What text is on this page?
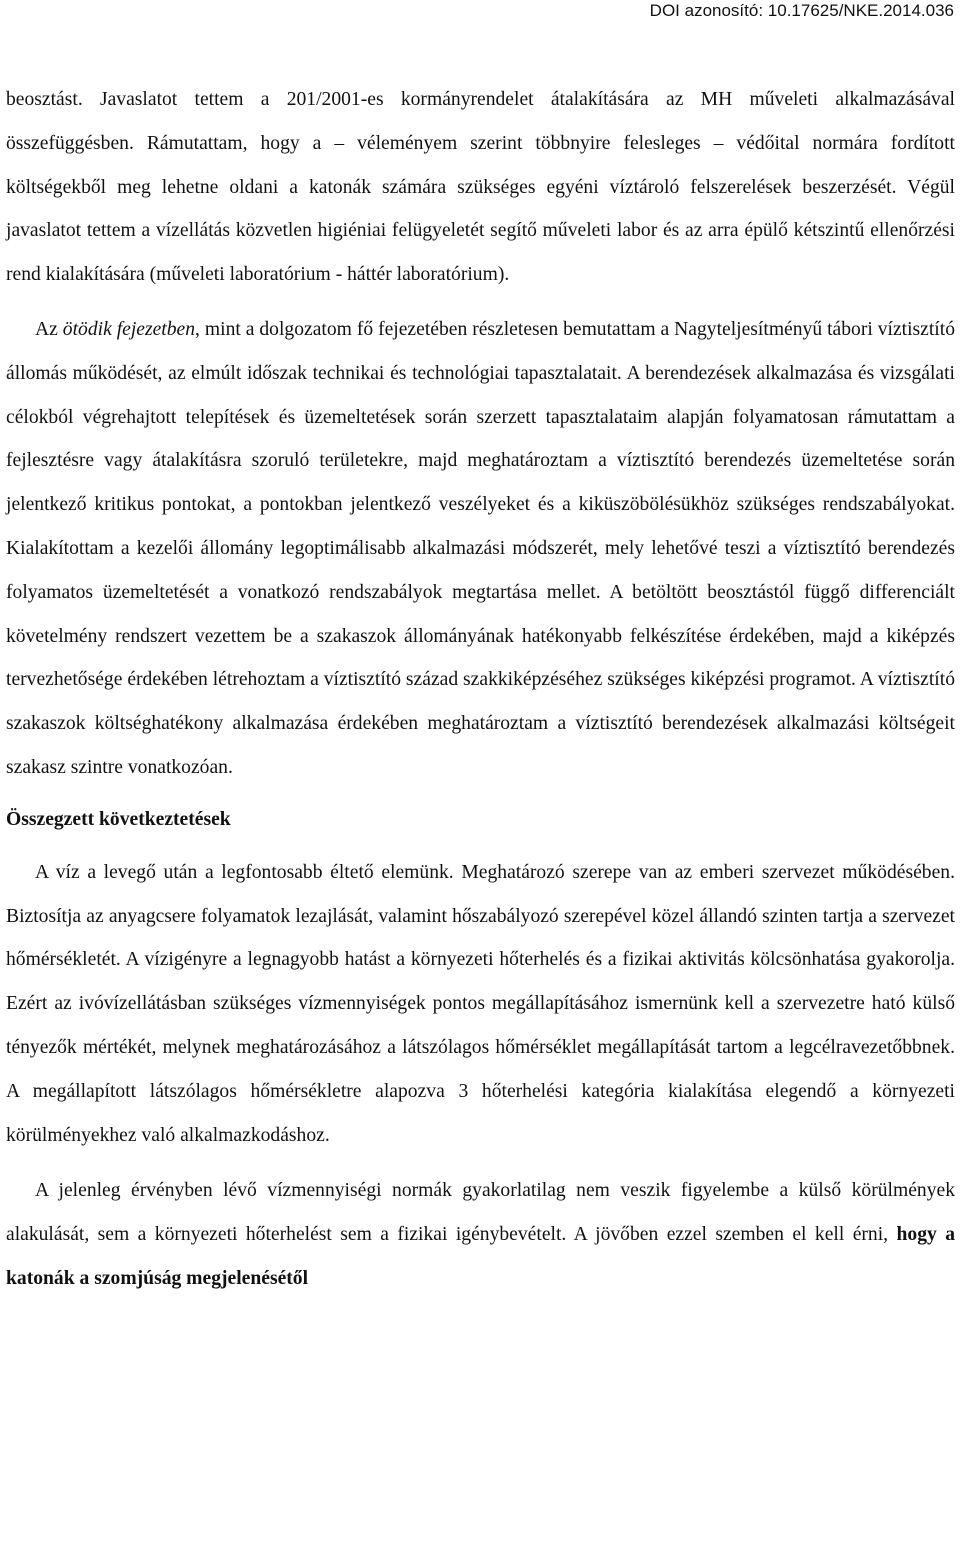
DOI azonosító: 10.17625/NKE.2014.036

beosztást. Javaslatot tettem a 201/2001-es kormányrendelet átalakítására az MH műveleti alkalmazásával összefüggésben. Rámutattam, hogy a – véleményem szerint többnyire felesleges – védőital normára fordított költségekből meg lehetne oldani a katonák számára szükséges egyéni víztároló felszerelések beszerzését. Végül javaslatot tettem a vízellátás közvetlen higiéniai felügyeletét segítő műveleti labor és az arra épülő kétszintű ellenőrzési rend kialakítására (műveleti laboratórium - háttér laboratórium).

Az ötödik fejezetben, mint a dolgozatom fő fejezetében részletesen bemutattam a Nagyteljesítményű tábori víztisztító állomás működését, az elmúlt időszak technikai és technológiai tapasztalatait. A berendezések alkalmazása és vizsgálati célokból végrehajtott telepítések és üzemeltetések során szerzett tapasztalataim alapján folyamatosan rámutattam a fejlesztésre vagy átalakításra szoruló területekre, majd meghatároztam a víztisztító berendezés üzemeltetése során jelentkező kritikus pontokat, a pontokban jelentkező veszélyeket és a kiküszöbölésükhöz szükséges rendszabályokat. Kialakítottam a kezelői állomány legoptimálisabb alkalmazási módszerét, mely lehetővé teszi a víztisztító berendezés folyamatos üzemeltetését a vonatkozó rendszabályok megtartása mellet. A betöltött beosztástól függő differenciált követelmény rendszert vezettem be a szakaszok állományának hatékonyabb felkészítése érdekében, majd a kiképzés tervezhetősége érdekében létrehoztam a víztisztító század szakkiképzéséhez szükséges kiképzési programot. A víztisztító szakaszok költséghatékony alkalmazása érdekében meghatároztam a víztisztító berendezések alkalmazási költségeit szakasz szintre vonatkozóan.

Összegzett következtetések

A víz a levegő után a legfontosabb éltető elemünk. Meghatározó szerepe van az emberi szervezet működésében. Biztosítja az anyagcsere folyamatok lezajlását, valamint hőszabályozó szerepével közel állandó szinten tartja a szervezet hőmérsékletét. A vízigényre a legnagyobb hatást a környezeti hőterhelés és a fizikai aktivitás kölcsönhatása gyakorolja. Ezért az ivóvízellátásban szükséges vízmennyiségek pontos megállapításához ismernünk kell a szervezetre ható külső tényezők mértékét, melynek meghatározásához a látszólagos hőmérséklet megállapítását tartom a legcélravezetőbbnek. A megállapított látszólagos hőmérsékletre alapozva 3 hőterhelési kategória kialakítása elegendő a környezeti körülményekhez való alkalmazkodáshoz.

A jelenleg érvényben lévő vízmennyiségi normák gyakorlatilag nem veszik figyelembe a külső körülmények alakulását, sem a környezeti hőterhelést sem a fizikai igénybevételt. A jövőben ezzel szemben el kell érni, hogy a katonák a szomjúság megjelenésétől
